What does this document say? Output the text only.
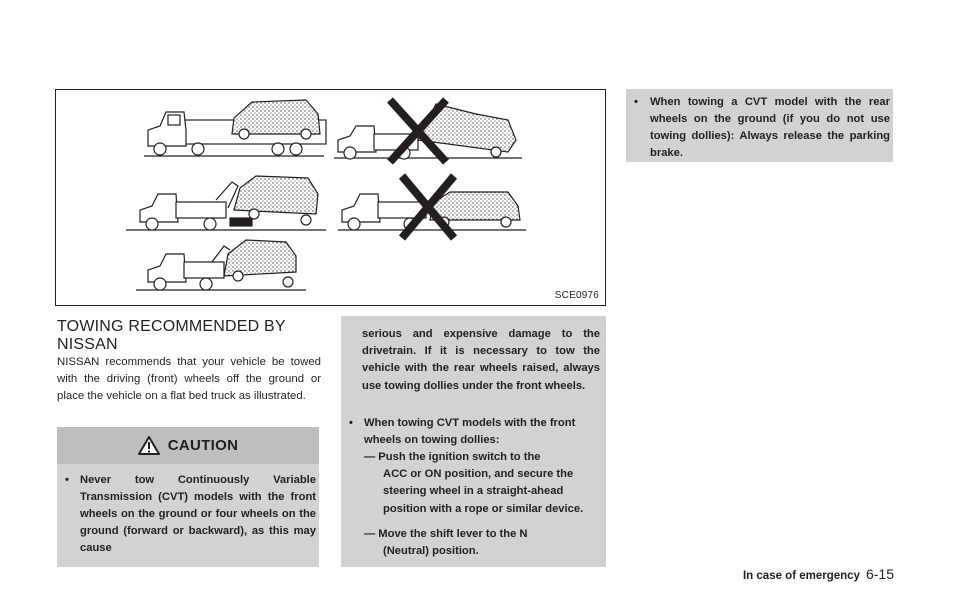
SCE0976
TOWING RECOMMENDED BY NISSAN
NISSAN recommends that your vehicle be towed with the driving (front) wheels off the ground or place the vehicle on a flat bed truck as illustrated.
CAUTION
• Never tow Continuously Variable Transmission (CVT) models with the front wheels on the ground or four wheels on the ground (forward or backward), as this may cause
serious and expensive damage to the drivetrain. If it is necessary to tow the vehicle with the rear wheels raised, always use towing dollies under the front wheels.
• When towing CVT models with the front wheels on towing dollies:
— Push the ignition switch to the
ACC or ON position, and secure the steering wheel in a straight-ahead position with a rope or similar device.
— Move the shift lever to the N
(Neutral) position.
• When towing a CVT model with the rear wheels on the ground (if you do not use towing dollies): Always release the parking brake.
In case of emergency 6-15
